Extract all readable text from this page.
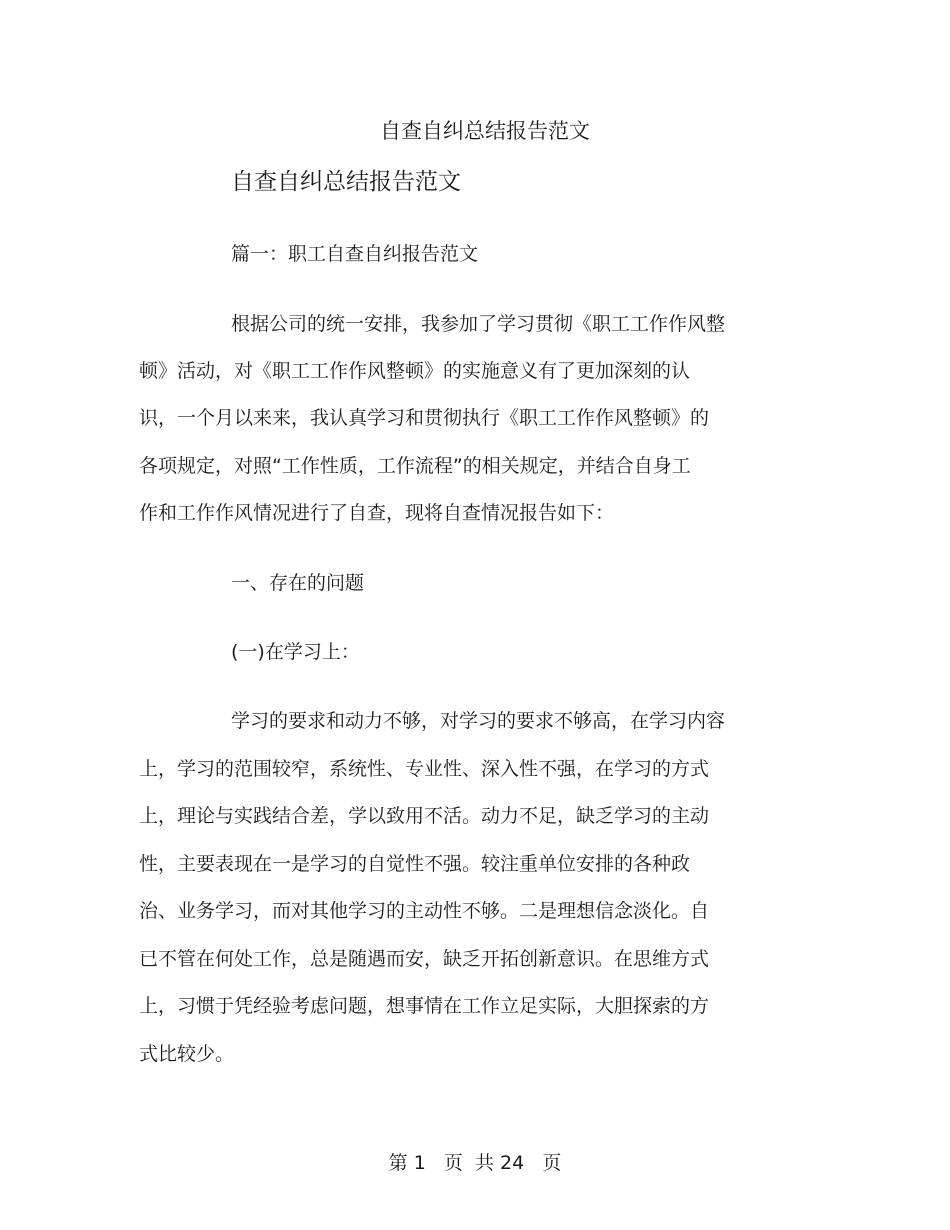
自查自纠总结报告范文
自查自纠总结报告范文
篇一：职工自查自纠报告范文
根据公司的统一安排，我参加了学习贯彻《职工工作作风整
顿》活动，对《职工工作作风整顿》的实施意义有了更加深刻的认
识，一个月以来来，我认真学习和贯彻执行《职工工作作风整顿》的
各项规定，对照“工作性质，工作流程”的相关规定，并结合自身工
作和工作作风情况进行了自查，现将自查情况报告如下：
一、存在的问题
(一)在学习上：
学习的要求和动力不够，对学习的要求不够高，在学习内容
上，学习的范围较窄，系统性、专业性、深入性不强，在学习的方式
上，理论与实践结合差，学以致用不活。动力不足，缺乏学习的主动
性，主要表现在一是学习的自觉性不强。较注重单位安排的各种政
治、业务学习，而对其他学习的主动性不够。二是理想信念淡化。自
已不管在何处工作，总是随遇而安，缺乏开拓创新意识。在思维方式
上，习惯于凭经验考虑问题，想事情在工作立足实际，大胆探索的方
式比较少。
第 1 页  共 24 页
